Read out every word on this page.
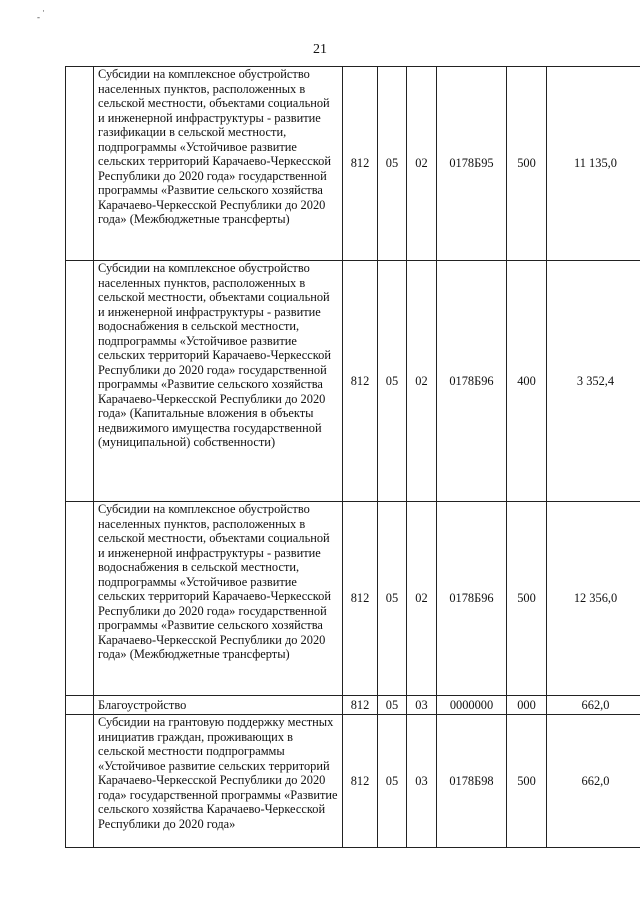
·
-
21
	Субсидии на комплексное обустройство населенных пунктов, расположенных в сельской местности, объектами социальной и инженерной инфраструктуры - развитие газификации в сельской местности, подпрограммы «Устойчивое развитие сельских территорий Карачаево-Черкесской Республики до 2020 года» государственной программы «Развитие сельского хозяйства Карачаево-Черкесской Республики до 2020 года» (Межбюджетные трансферты)	812	05	02	0178Б95	500	11 135,0
	Субсидии на комплексное обустройство населенных пунктов, расположенных в сельской местности, объектами социальной и инженерной инфраструктуры - развитие водоснабжения в сельской местности, подпрограммы «Устойчивое развитие сельских территорий Карачаево-Черкесской Республики до 2020 года» государственной программы «Развитие сельского хозяйства Карачаево-Черкесской Республики до 2020 года» (Капитальные вложения в объекты недвижимого имущества государственной (муниципальной) собственности)	812	05	02	0178Б96	400	3 352,4
	Субсидии на комплексное обустройство населенных пунктов, расположенных в сельской местности, объектами социальной и инженерной инфраструктуры - развитие водоснабжения в сельской местности, подпрограммы «Устойчивое развитие сельских территорий Карачаево-Черкесской Республики до 2020 года» государственной программы «Развитие сельского хозяйства Карачаево-Черкесской Республики до 2020 года» (Межбюджетные трансферты)	812	05	02	0178Б96	500	12 356,0
	Благоустройство	812	05	03	0000000	000	662,0
	Субсидии на грантовую поддержку местных инициатив граждан, проживающих в сельской местности подпрограммы «Устойчивое развитие сельских территорий Карачаево-Черкесской Республики до 2020 года» государственной программы «Развитие сельского хозяйства Карачаево-Черкесской Республики до 2020 года»	812	05	03	0178Б98	500	662,0
